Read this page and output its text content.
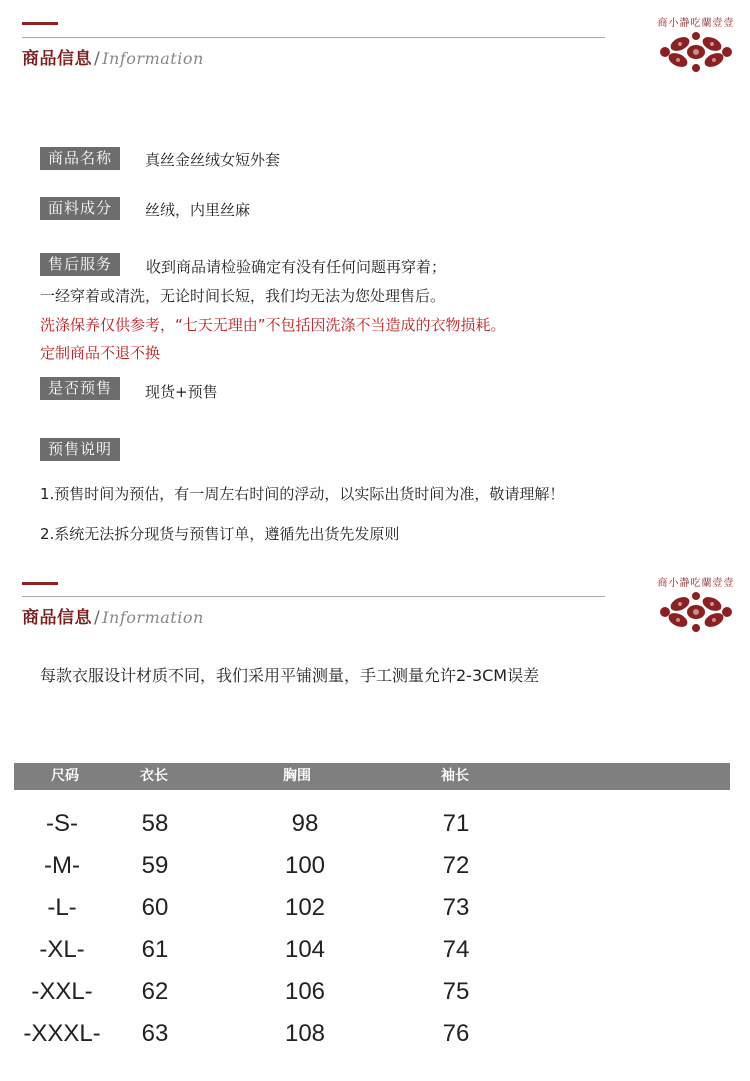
商品信息 / Information
商小瀞吃蘭壹壹
商品名称	真丝金丝绒女短外套
面料成分	丝绒，内里丝麻
售后服务	收到商品请检验确定有没有任何问题再穿着；
一经穿着或清洗，无论时间长短，我们均无法为您处理售后。
洗涤保养仅供参考，“七天无理由”不包括因洗涤不当造成的衣物损耗。
定制商品不退不换
是否预售	现货+预售
预售说明
1.预售时间为预估，有一周左右时间的浮动，以实际出货时间为准，敬请理解！
2.系统无法拆分现货与预售订单，遵循先出货先发原则
商品信息 / Information
商小瀞吃蘭壹壹
每款衣服设计材质不同，我们采用平铺测量，手工测量允许2-3CM误差
尺码	衣长	胸围	袖长
-S-	58	98	71
-M-	59	100	72
-L-	60	102	73
-XL- 61	104	74
-XXL- 62	106	75
-XXXL- 63	108	76
